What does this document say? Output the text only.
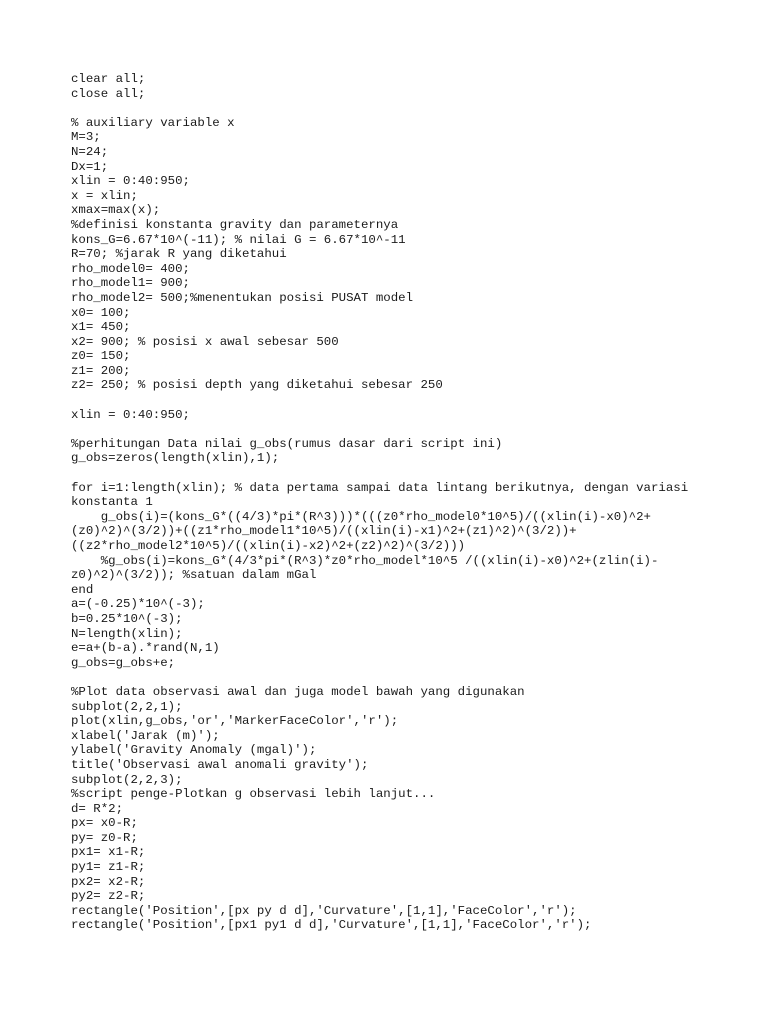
clear all;
close all;
% auxiliary variable x
M=3;
N=24;
Dx=1;
xlin = 0:40:950;
x = xlin;
xmax=max(x);
%definisi konstanta gravity dan parameternya
kons_G=6.67*10^(-11); % nilai G = 6.67*10^-11
R=70; %jarak R yang diketahui
rho_model0= 400;
rho_model1= 900;
rho_model2= 500;%menentukan posisi PUSAT model
x0= 100;
x1= 450;
x2= 900; % posisi x awal sebesar 500
z0= 150;
z1= 200;
z2= 250; % posisi depth yang diketahui sebesar 250
xlin = 0:40:950;
%perhitungan Data nilai g_obs(rumus dasar dari script ini)
g_obs=zeros(length(xlin),1);
for i=1:length(xlin); % data pertama sampai data lintang berikutnya, dengan variasi
konstanta 1
g_obs(i)=(kons_G*((4/3)*pi*(R^3)))*(((z0*rho_model0*10^5)/((xlin(i)-x0)^2+
(z0)^2)^(3/2))+((z1*rho_model1*10^5)/((xlin(i)-x1)^2+(z1)^2)^(3/2))+
((z2*rho_model2*10^5)/((xlin(i)-x2)^2+(z2)^2)^(3/2)))
%g_obs(i)=kons_G*(4/3*pi*(R^3)*z0*rho_model*10^5 /((xlin(i)-x0)^2+(zlin(i)-
z0)^2)^(3/2)); %satuan dalam mGal
end
a=(-0.25)*10^(-3);
b=0.25*10^(-3);
N=length(xlin);
e=a+(b-a).*rand(N,1)
g_obs=g_obs+e;
%Plot data observasi awal dan juga model bawah yang digunakan
subplot(2,2,1);
plot(xlin,g_obs,'or','MarkerFaceColor','r');
xlabel('Jarak (m)');
ylabel('Gravity Anomaly (mgal)');
title('Observasi awal anomali gravity');
subplot(2,2,3);
%script penge-Plotkan g observasi lebih lanjut...
d= R*2;
px= x0-R;
py= z0-R;
px1= x1-R;
py1= z1-R;
px2= x2-R;
py2= z2-R;
rectangle('Position',[px py d d],'Curvature',[1,1],'FaceColor','r');
rectangle('Position',[px1 py1 d d],'Curvature',[1,1],'FaceColor','r');
